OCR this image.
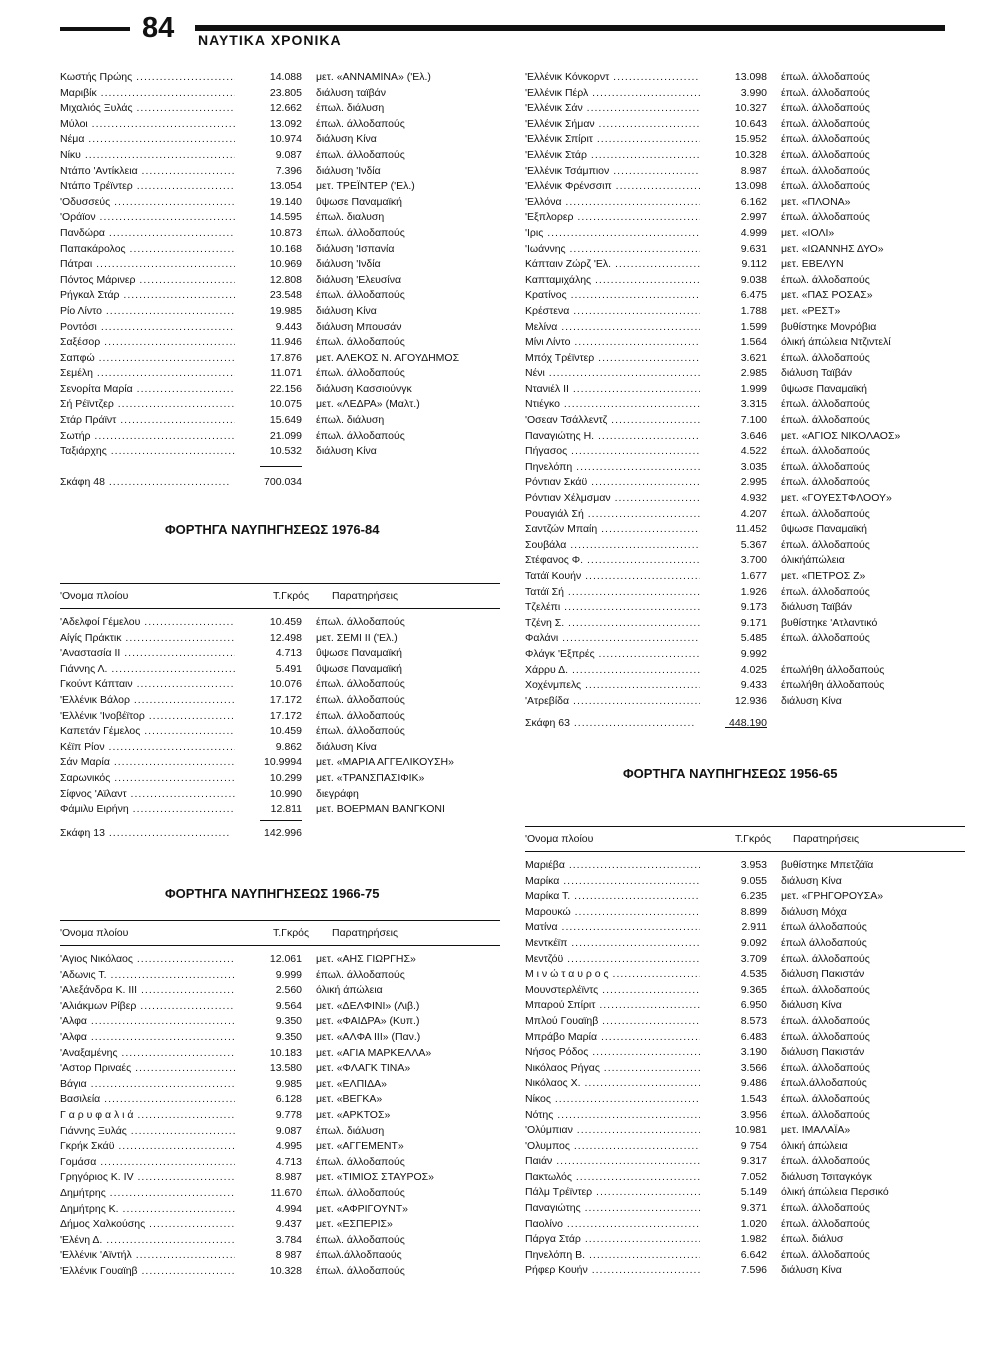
84 ΝΑΥΤΙΚΑ ΧΡΟΝΙΚΑ
Κωστής Πρώης .....	14.088 μετ. «ΑΝΝΑΜΙΝΑ» ('Ελ.)
Μαριβίκ .....	23.805 διάλυση ταϊβάν
Μιχαλιός Ξυλάς .....	12.662 έπωλ. διάλυση
Μύλοι .....	13.092 έπωλ. άλλοδαπούς
Νέμα .....	10.974 διάλυση Κίνα
Νίκυ .....	9.087 έπωλ. άλλοδαπούς
Ντάπο 'Αντίκλεια .....	7.396 διάλυση 'Ινδία
Ντάπο Τρέϊντερ .....	13.054 μετ. ΤΡΕΪΝΤΕΡ ('Ελ.)
'Οδυσσεύς .....	19.140 ΰψωσε Παναμαϊκή
'Οράϊον .....	14.595 έπωλ. διαλυση
Πανδώρα .....	10.873 έπωλ. άλλοδαπούς
Παπακάρολος .....	10.168 διάλυση 'Ισπανία
Πάτραι .....	10.969 διάλυση 'Ινδία
Πόντος Μάρινερ .....	12.808 διάλυση 'Ελευσίνα
Ρήγκαλ Στάρ .....	23.548 έπωλ. άλλοδαπούς
Ρίο Λίντο .....	19.985 διάλυση Κίνα
Ροντόσι .....	9.443 διάλυση Μπουσάν
Σαξέσορ .....	11.946 έπωλ. άλλοδαπούς
Σαπφώ .....	17.876 μετ. ΑΛΕΚΟΣ Ν. ΑΓΟΥΔΗΜΟΣ
Σεμέλη .....	11.071 έπωλ. άλλοδαπούς
Σενορίτα Μαρία .....	22.156 διάλυση Κασσιούνγκ
Σή Ρέϊντζερ .....	10.075 μετ. «ΛΕΔΡΑ» (Μαλτ.)
Στάρ Πράϊντ .....	15.649 έπωλ. διάλυση
Σωτήρ .....	21.099 έπωλ. άλλοδαπούς
Ταξιάρχης .....	10.532 διάλυση Κίνα
Σκάφη 48 .....	700.034
ΦΟΡΤΗΓΑ ΝΑΥΠΗΓΗΣΕΩΣ 1976-84
'Ονομα πλοίου	Τ.Γκρός Παρατηρήσεις
'Αδελφοί Γέμελου .....	10.459 έπωλ. άλλοδαπούς
Αίγίς Πράκτικ .....	12.498 μετ. ΣΕΜΙ ΙΙ ('Ελ.)
'Αναστασία ΙΙ .....	4.713 ΰψωσε Παναμαϊκή
Γιάννης Λ. .....	5.491 ΰψωσε Παναμαϊκή
Γκούντ Κάπταιν .....	10.076 έπωλ. άλλοδαπούς
'Ελλένικ Βάλορ .....	17.172 έπωλ. άλλοδαπούς
'Ελλένικ 'Ινοβέϊτορ .....	17.172 έπωλ. άλλοδαπούς
Καπετάν Γέμελος .....	10.459 έπωλ. άλλοδαπούς
Κέϊπ Ρίον .....	9.862 διάλυση Κίνα
Σάν Μαρία .....	10.9994 μετ. «ΜΑΡΙΑ ΑΓΓΕΛΙΚΟΥΣΗ»
Σαρωνικός .....	10.299 μετ. «ΤΡΑΝΣΠΑΣΙΦΙΚ»
Σίφνος 'Αϊλαντ .....	10.990 διεγράφη
Φάμιλυ Ειρήνη .....	12.811 μετ. ΒΟΕΡΜΑΝ ΒΑΝΓΚΟΝΙ
Σκάφη 13 .....	142.996
ΦΟΡΤΗΓΑ ΝΑΥΠΗΓΗΣΕΩΣ 1966-75
'Ονομα πλοίου	Τ.Γκρός Παρατηρήσεις
'Αγιος Νικόλαος .....	12.061 μετ. «ΑΗΣ ΓΙΩΡΓΗΣ»
'Αδωνις Τ. .....	9.999 έπωλ. άλλοδαπούς
'Αλεξάνδρα Κ. ΙΙΙ .....	2.560 όλική άπώλεια
'Αλιάκμων Ρίβερ .....	9.564 μετ. «ΔΕΛΦΙΝΙ» (Λιβ.)
'Αλφα .....	9.350 μετ. «ΦΑΙΔΡΑ» (Κυπ.)
'Αλφα .....	9.350 μετ. «ΑΛΦΑ ΙΙΙ» (Παν.)
'Αναξαμένης .....	10.183 μετ. «ΑΓΙΑ ΜΑΡΚΕΛΛΑ»
'Αστορ Πριναές .....	13.580 μετ. «ΦΛΑΓΚ ΤΙΝΑ»
Βάγια .....	9.985 μετ. «ΕΛΠΙΔΑ»
Βασιλεία .....	6.128 μετ. «ΒΕΓΚΑ»
Γ α ρ υ φ α λ ι ά .....	9.778 μετ. «ΑΡΚΤΟΣ»
Γιάννης Ξυλάς .....	9.087 έπωλ. διάλυση
Γκρήκ Σκάϋ .....	4.995 μετ. «ΑΓΓΕΜΕΝΤ»
Γομάσα .....	4.713 έπωλ. άλλοδαπούς
Γρηγόριος Κ. IV .....	8.987 μετ. «ΤΙΜΙΟΣ ΣΤΑΥΡΟΣ»
Δημήτρης .....	11.670 έπωλ. άλλοδαπούς
Δημήτρης Κ. .....	4.994 μετ. «ΑΦΡΙΓΟΥΝΤ»
Δήμος Χαλκούσης .....	9.437 μετ. «ΕΣΠΕΡΙΣ»
'Ελένη Δ. .....	3.784 έπωλ. άλλοδαπούς
'Ελλένικ 'Αϊντήλ .....	8 987 έπωλ.άλλοδπαούς
'Ελλένικ Γουαϊηβ .....	10.328 έπωλ. άλλοδαπούς
'Ελλένικ Κόνκορντ .....	13.098 έπωλ. άλλοδαπούς
'Ελλένικ Πέρλ .....	3.990 έπωλ. άλλοδαπούς
'Ελλένικ Σάν .....	10.327 έπωλ. άλλοδαπούς
'Ελλένικ Σήμαν .....	10.643 έπωλ. άλλοδαπούς
'Ελλένικ Σπίριτ .....	15.952 έπωλ. άλλοδαπούς
'Ελλένικ Στάρ .....	10.328 έπωλ. άλλοδαπούς
'Ελλένικ Τσάμπιον .....	8.987 έπωλ. άλλοδαπούς
'Ελλένικ Φρένσσιπ .....	13.098 έπωλ. άλλοδαπούς
'Ελλόνα .....	6.162 μετ. «ΠΛΟΝΑ»
'Εξπλορερ .....	2.997 έπωλ. άλλοδαπούς
'Ιρις .....	4.999 μετ. «ΙΟΛΙ»
'Ιωάννης .....	9.631 μετ. «ΙΩΑΝΝΗΣ ΔΥΟ»
Κάπταιν Ζώρζ 'Ελ. .....	9.112 μετ. ΕΒΕΛΥΝ
Καπταμιχάλης .....	9.038 έπωλ. άλλοδαπούς
Κρατίνος .....	6.475 μετ. «ΠΑΣ ΡΟΣΑΣ»
Κρέστενα .....	1.788 μετ. «ΡΕΣΤ»
Μελίνα .....	1.599 βυθίστηκε Μονρόβια
Μίνι Λίντο .....	1.564 όλική άπώλεια Ντζιντελί
Μπόχ Τρέϊντερ .....	3.621 έπωλ. άλλοδαπούς
Νένι .....	2.985 διάλυση Ταϊβάν
Ντανιέλ ΙΙ .....	1.999 ΰψωσε Παναμαϊκή
Ντιέγκο .....	3.315 έπωλ. άλλοδαπούς
'Οσεαν Τσάλλεντζ .....	7.100 έπωλ. άλλοδαπούς
Παναγιώτης Η. .....	3.646 μετ. «ΑΓΙΟΣ ΝΙΚΟΛΑΟΣ»
Πήγασος .....	4.522 έπωλ. άλλοδαπούς
Πηνελόπη .....	3.035 έπωλ. άλλοδαπούς
Ρόντιαν Σκάϋ .....	2.995 έπωλ. άλλοδαπούς
Ρόντιαν Χέλμσμαν .....	4.932 μετ. «ΓΟΥΕΣΤΦΛΟΟΥ»
Ρουαγιάλ Σή .....	4.207 έπωλ. άλλοδαπούς
Σαντζών Μπαίη .....	11.452 ΰψωσε Παναμαϊκή
Σουβάλα .....	5.367 έπωλ. άλλοδαπούς
Στέφανος Φ. .....	3.700 όλικήάπώλεια
Τατάϊ Κουήν .....	1.677 μετ. «ΠΕΤΡΟΣ Ζ»
Τατάϊ Σή .....	1.926 έπωλ. άλλοδαπούς
Τζελέπι .....	9.173 διάλυση Ταϊβάν
Τζένη Σ. .....	9.171 βυθίστηκε 'Ατλαντικό
Φαλάνι .....	5.485 έπωλ. άλλοδαπούς
Φλάγκ 'Εξπρές .....	9.992
Χάρρυ Δ. .....	4.025 έπωλήθη άλλοδαπούς
Χοχένμπελς .....	9.433 έπωλήθη άλλοδαπούς
'Ατρεβίδα .....	12.936 διάλυση Κίνα
Σκάφη 63 .....	448.190
ΦΟΡΤΗΓΑ ΝΑΥΠΗΓΗΣΕΩΣ 1956-65
'Ονομα πλοίου	Τ.Γκρός Παρατηρήσεις
Μαριέβα .....	3.953 βυθίστηκε Μπετζάϊα
Μαρίκα .....	9.055 διάλυση Κίνα
Μαρίκα Τ. .....	6.235 μετ. «ΓΡΗΓΟΡΟΥΣΑ»
Μαρουκώ .....	8.899 διάλυση Μόχα
Ματίνα .....	2.911 έπωλ άλλοδαπούς
Μεντκέϊπ .....	9.092 έπωλ άλλοδαπούς
Μεντζόϋ .....	3.709 έπωλ. άλλοδαπούς
Μ ι ν ώ τ α υ ρ ο ς .....	4.535 διάλυση Πακιστάν
Μουνστερλέϊντς .....	9.365 έπωλ. άλλοδαπούς
Μπαρού Σπίριτ .....	6.950 διάλυση Κίνα
Μπλού Γουαϊηβ .....	8.573 έπωλ. άλλοδαπούς
Μπράβο Μαρία .....	6.483 έπωλ. άλλοδαπούς
Νήσος Ρόδος .....	3.190 διάλυση Πακιστάν
Νικόλαος Ρήγας .....	3.566 έπωλ. άλλοδαπούς
Νικόλαος Χ. .....	9.486 έπωλ.άλλοδαπούς
Νίκος .....	1.543 έπωλ. άλλοδαπούς
Νότης .....	3.956 έπωλ. άλλοδαπούς
'Ολύμπιαν .....	10.981 μετ. ΙΜΑΛΑΪΑ»
'Ολυμπος .....	9 754 όλική άπώλεια
Παιάν .....	9.317 έπωλ. άλλοδαπούς
Πακτωλός .....	7.052 διάλυση Τσιταγκόγκ
Πάλμ Τρέϊντερ .....	5.149 όλική άπώλεια Περσικό
Παναγιώτης .....	9.371 έπωλ. άλλοδαπούς
Παολίνο .....	1.020 έπωλ. άλλοδαπούς
Πάργα Στάρ .....	1.982 έπωλ. διάλυσ
Πηνελόπη Β. .....	6.642 έπωλ. άλλοδαπούς
Ρήφερ Κουήν .....	7.596 διάλυση Κίνα
